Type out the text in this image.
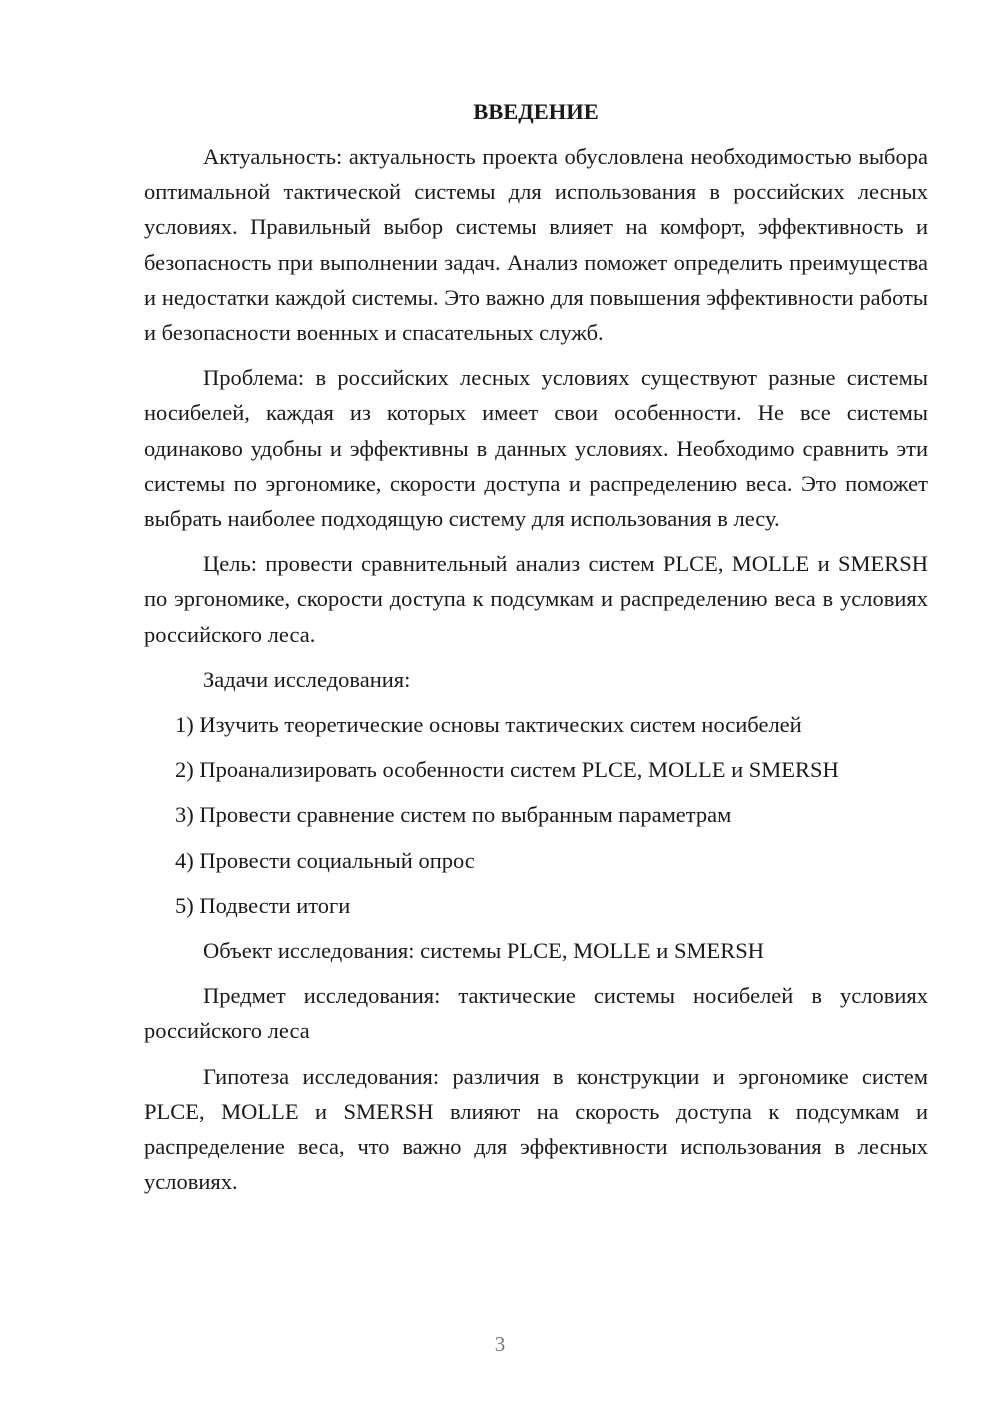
ВВЕДЕНИЕ

Актуальность: актуальность проекта обусловлена необходимостью выбора оптимальной тактической системы для использования в российских лесных условиях. Правильный выбор системы влияет на комфорт, эффективность и безопасность при выполнении задач. Анализ поможет определить преимущества и недостатки каждой системы. Это важно для повышения эффективности работы и безопасности военных и спасательных служб.

Проблема: в российских лесных условиях существуют разные системы носибелей, каждая из которых имеет свои особенности. Не все системы одинаково удобны и эффективны в данных условиях. Необходимо сравнить эти системы по эргономике, скорости доступа и распределению веса. Это поможет выбрать наиболее подходящую систему для использования в лесу.

Цель: провести сравнительный анализ систем PLCE, MOLLE и SMERSH по эргономике, скорости доступа к подсумкам и распределению веса в условиях российского леса.

Задачи исследования:

1) Изучить теоретические основы тактических систем носибелей
2) Проанализировать особенности систем PLCE, MOLLE и SMERSH
3) Провести сравнение систем по выбранным параметрам
4) Провести социальный опрос
5) Подвести итоги

Объект исследования: системы PLCE, MOLLE и SMERSH

Предмет исследования: тактические системы носибелей в условиях российского леса

Гипотеза исследования: различия в конструкции и эргономике систем PLCE, MOLLE и SMERSH влияют на скорость доступа к подсумкам и распределение веса, что важно для эффективности использования в лесных условиях.

3
